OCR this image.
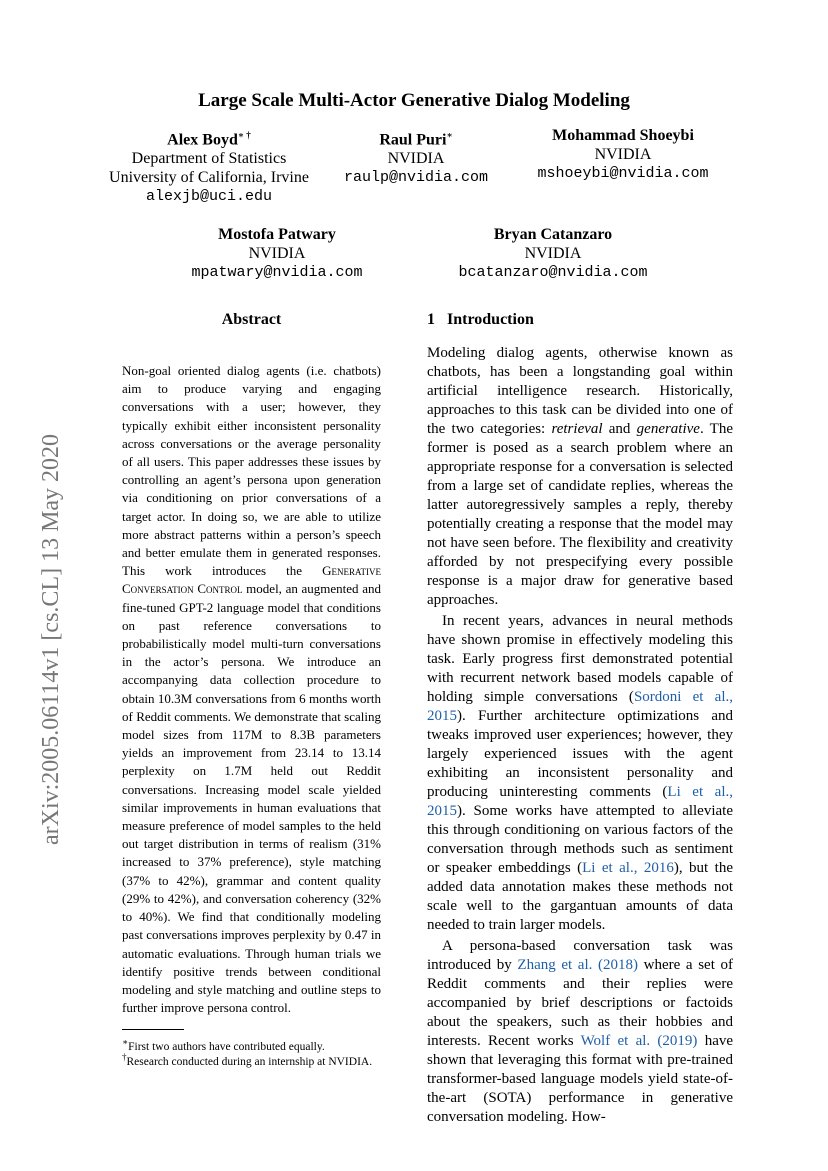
arXiv:2005.06114v1 [cs.CL] 13 May 2020
Large Scale Multi-Actor Generative Dialog Modeling
Alex Boyd∗ †
Department of Statistics
University of California, Irvine
alexjb@uci.edu
Raul Puri∗
NVIDIA
raulp@nvidia.com
Mohammad Shoeybi
NVIDIA
mshoeybi@nvidia.com
Mostofa Patwary
NVIDIA
mpatwary@nvidia.com
Bryan Catanzaro
NVIDIA
bcatanzaro@nvidia.com
Abstract

Non-goal oriented dialog agents (i.e. chatbots) aim to produce varying and engaging conversations with a user; however, they typically exhibit either inconsistent personality across conversations or the average personality of all users. This paper addresses these issues by controlling an agent’s persona upon generation via conditioning on prior conversations of a target actor. In doing so, we are able to utilize more abstract patterns within a person’s speech and better emulate them in generated responses. This work introduces the Generative Conversation Control model, an augmented and fine-tuned GPT-2 language model that conditions on past reference conversations to probabilistically model multi-turn conversations in the actor’s persona. We introduce an accompanying data collection procedure to obtain 10.3M conversations from 6 months worth of Reddit comments. We demonstrate that scaling model sizes from 117M to 8.3B parameters yields an improvement from 23.14 to 13.14 perplexity on 1.7M held out Reddit conversations. Increasing model scale yielded similar improvements in human evaluations that measure preference of model samples to the held out target distribution in terms of realism (31% increased to 37% preference), style matching (37% to 42%), grammar and content quality (29% to 42%), and conversation coherency (32% to 40%). We find that conditionally modeling past conversations improves perplexity by 0.47 in automatic evaluations. Through human trials we identify positive trends between conditional modeling and style matching and outline steps to further improve persona control.

1 Introduction

Modeling dialog agents, otherwise known as chatbots, has been a longstanding goal within artificial intelligence research. Historically, approaches to this task can be divided into one of the two categories: retrieval and generative. The former is posed as a search problem where an appropriate response for a conversation is selected from a large set of candidate replies, whereas the latter autoregressively samples a reply, thereby potentially creating a response that the model may not have seen before. The flexibility and creativity afforded by not prespecifying every possible response is a major draw for generative based approaches.

In recent years, advances in neural methods have shown promise in effectively modeling this task. Early progress first demonstrated potential with recurrent network based models capable of holding simple conversations (Sordoni et al., 2015). Further architecture optimizations and tweaks improved user experiences; however, they largely experienced issues with the agent exhibiting an inconsistent personality and producing uninteresting comments (Li et al., 2015). Some works have attempted to alleviate this through conditioning on various factors of the conversation through methods such as sentiment or speaker embeddings (Li et al., 2016), but the added data annotation makes these methods not scale well to the gargantuan amounts of data needed to train larger models.

A persona-based conversation task was introduced by Zhang et al. (2018) where a set of Reddit comments and their replies were accompanied by brief descriptions or factoids about the speakers, such as their hobbies and interests. Recent works Wolf et al. (2019) have shown that leveraging this format with pre-trained transformer-based language models yield state-of-the-art (SOTA) performance in generative conversation modeling. How-

∗First two authors have contributed equally.
†Research conducted during an internship at NVIDIA.
